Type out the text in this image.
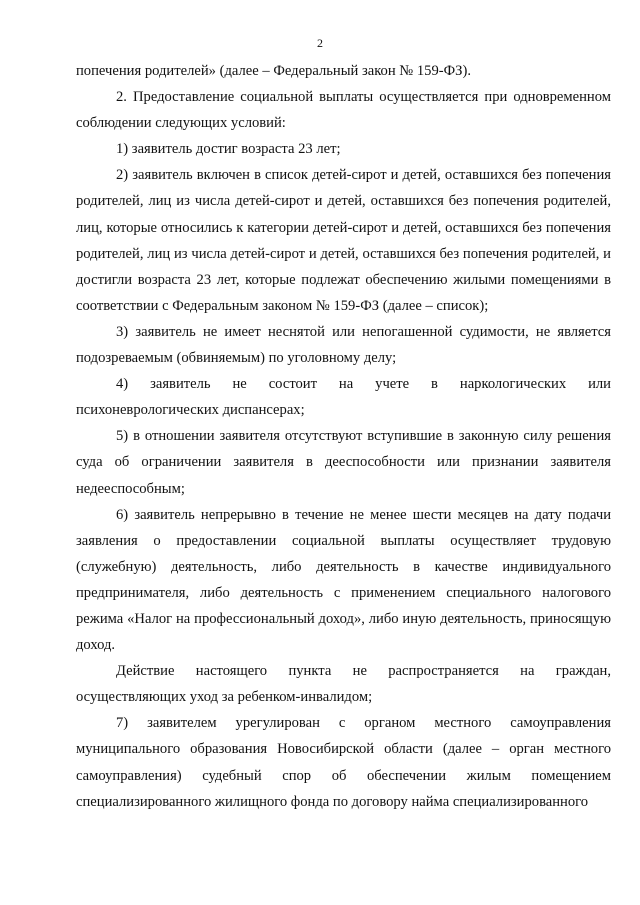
2

попечения родителей» (далее – Федеральный закон № 159-ФЗ).

2. Предоставление социальной выплаты осуществляется при одновременном соблюдении следующих условий:

1) заявитель достиг возраста 23 лет;

2) заявитель включен в список детей-сирот и детей, оставшихся без попечения родителей, лиц из числа детей-сирот и детей, оставшихся без попечения родителей, лиц, которые относились к категории детей-сирот и детей, оставшихся без попечения родителей, лиц из числа детей-сирот и детей, оставшихся без попечения родителей, и достигли возраста 23 лет, которые подлежат обеспечению жилыми помещениями в соответствии с Федеральным законом № 159-ФЗ (далее – список);

3) заявитель не имеет неснятой или непогашенной судимости, не является подозреваемым (обвиняемым) по уголовному делу;

4) заявитель не состоит на учете в наркологических или психоневрологических диспансерах;

5) в отношении заявителя отсутствуют вступившие в законную силу решения суда об ограничении заявителя в дееспособности или признании заявителя недееспособным;

6) заявитель непрерывно в течение не менее шести месяцев на дату подачи заявления о предоставлении социальной выплаты осуществляет трудовую (служебную) деятельность, либо деятельность в качестве индивидуального предпринимателя, либо деятельность с применением специального налогового режима «Налог на профессиональный доход», либо иную деятельность, приносящую доход.

Действие настоящего пункта не распространяется на граждан, осуществляющих уход за ребенком-инвалидом;

7) заявителем урегулирован с органом местного самоуправления муниципального образования Новосибирской области (далее – орган местного самоуправления) судебный спор об обеспечении жилым помещением специализированного жилищного фонда по договору найма специализированного
